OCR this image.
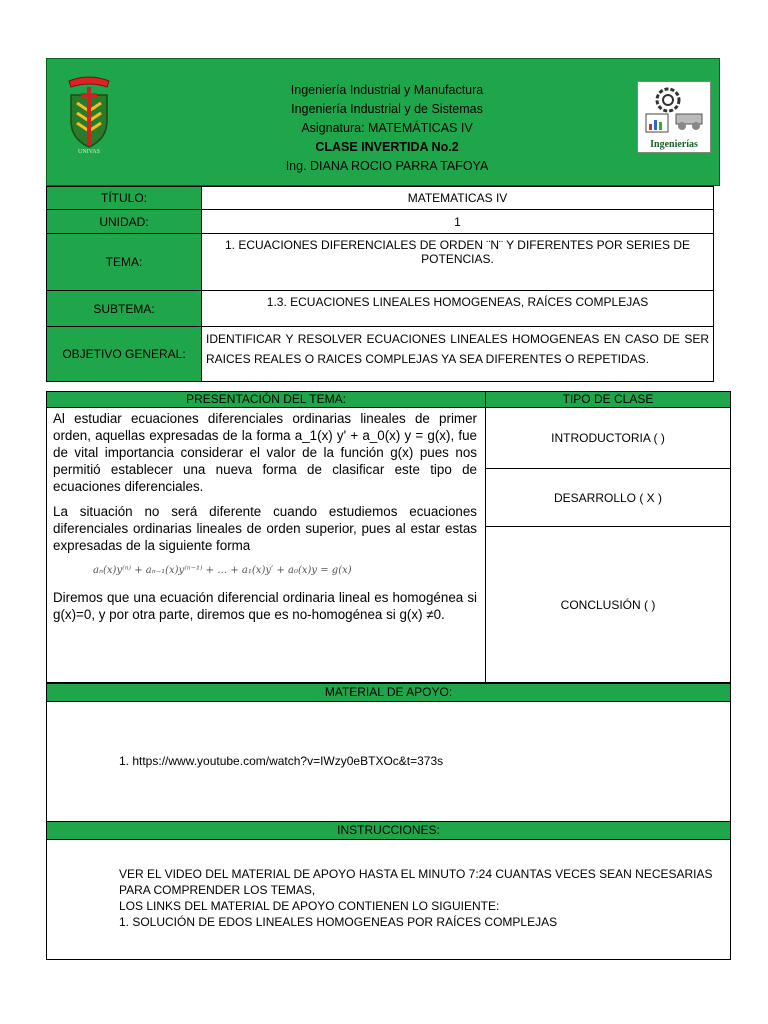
UNIVAS
Ingeniería Industrial y Manufactura
Ingeniería Industrial y de Sistemas
Asignatura: MATEMÁTICAS IV
CLASE INVERTIDA No.2
Ing. DIANA ROCIO PARRA TAFOYA
Ingenierías
TÍTULO:	MATEMATICAS IV
UNIDAD:	1
TEMA:	1. ECUACIONES DIFERENCIALES DE ORDEN ¨N¨ Y DIFERENTES POR SERIES DE POTENCIAS.
SUBTEMA:	1.3. ECUACIONES LINEALES HOMOGENEAS, RAÍCES COMPLEJAS
OBJETIVO GENERAL:	IDENTIFICAR Y RESOLVER ECUACIONES LINEALES HOMOGENEAS EN CASO DE SER RAICES REALES O RAICES COMPLEJAS YA SEA DIFERENTES O REPETIDAS.
PRESENTACIÓN DEL TEMA:	TIPO DE CLASE

Al estudiar ecuaciones diferenciales ordinarias lineales de primer orden, aquellas expresadas de la forma a_1(x) y' + a_0(x) y = g(x), fue de vital importancia considerar el valor de la función g(x) pues nos permitió establecer una nueva forma de clasificar este tipo de ecuaciones diferenciales.

La situación no será diferente cuando estudiemos ecuaciones diferenciales ordinarias lineales de orden superior, pues al estar estas expresadas de la siguiente forma

aₙ(x)y⁽ⁿ⁾ + aₙ₋₁(x)y⁽ⁿ⁻¹⁾ + … + a₁(x)y′ + a₀(x)y = g(x)

Diremos que una ecuación diferencial ordinaria lineal es homogénea si g(x)=0, y por otra parte, diremos que es no-homogénea si g(x) ≠0.

INTRODUCTORIA ( )
DESARROLLO ( X )
CONCLUSIÓN ( )
MATERIAL DE APOYO:
1. https://www.youtube.com/watch?v=IWzy0eBTXOc&t=373s
INSTRUCCIONES:
VER EL VIDEO DEL MATERIAL DE APOYO HASTA EL MINUTO 7:24 CUANTAS VECES SEAN NECESARIAS PARA COMPRENDER LOS TEMAS,
LOS LINKS DEL MATERIAL DE APOYO CONTIENEN LO SIGUIENTE:
1. SOLUCIÓN DE EDOS LINEALES HOMOGENEAS POR RAÍCES COMPLEJAS
